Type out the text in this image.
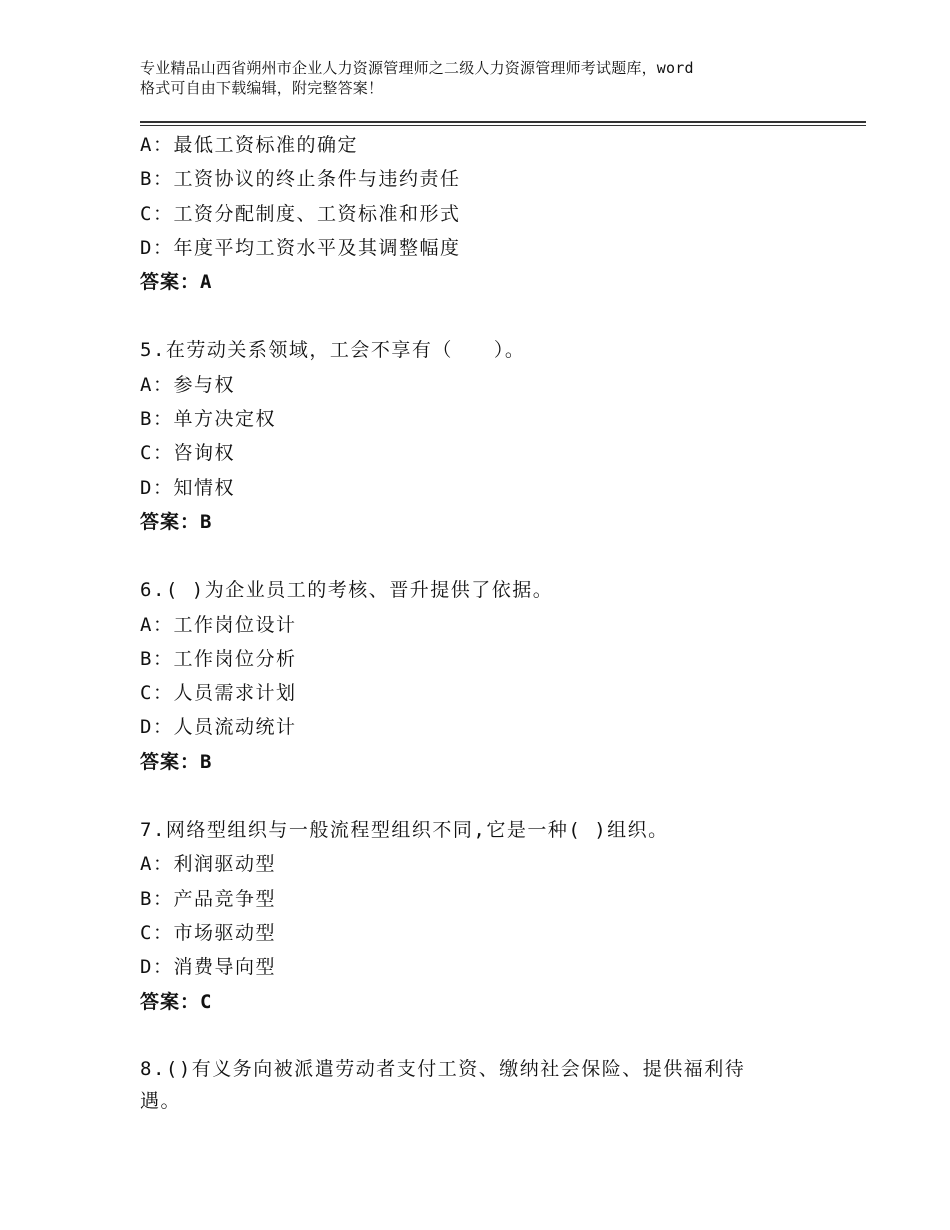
专业精品山西省朔州市企业人力资源管理师之二级人力资源管理师考试题库，word
格式可自由下载编辑，附完整答案！
A：最低工资标准的确定
B：工资协议的终止条件与违约责任
C：工资分配制度、工资标准和形式
D：年度平均工资水平及其调整幅度
答案：A
5.在劳动关系领域，工会不享有（　　）。
A：参与权
B：单方决定权
C：咨询权
D：知情权
答案：B
6.( )为企业员工的考核、晋升提供了依据。
A：工作岗位设计
B：工作岗位分析
C：人员需求计划
D：人员流动统计
答案：B
7.网络型组织与一般流程型组织不同,它是一种( )组织。
A：利润驱动型
B：产品竞争型
C：市场驱动型
D：消费导向型
答案：C
8.()有义务向被派遣劳动者支付工资、缴纳社会保险、提供福利待遇。
